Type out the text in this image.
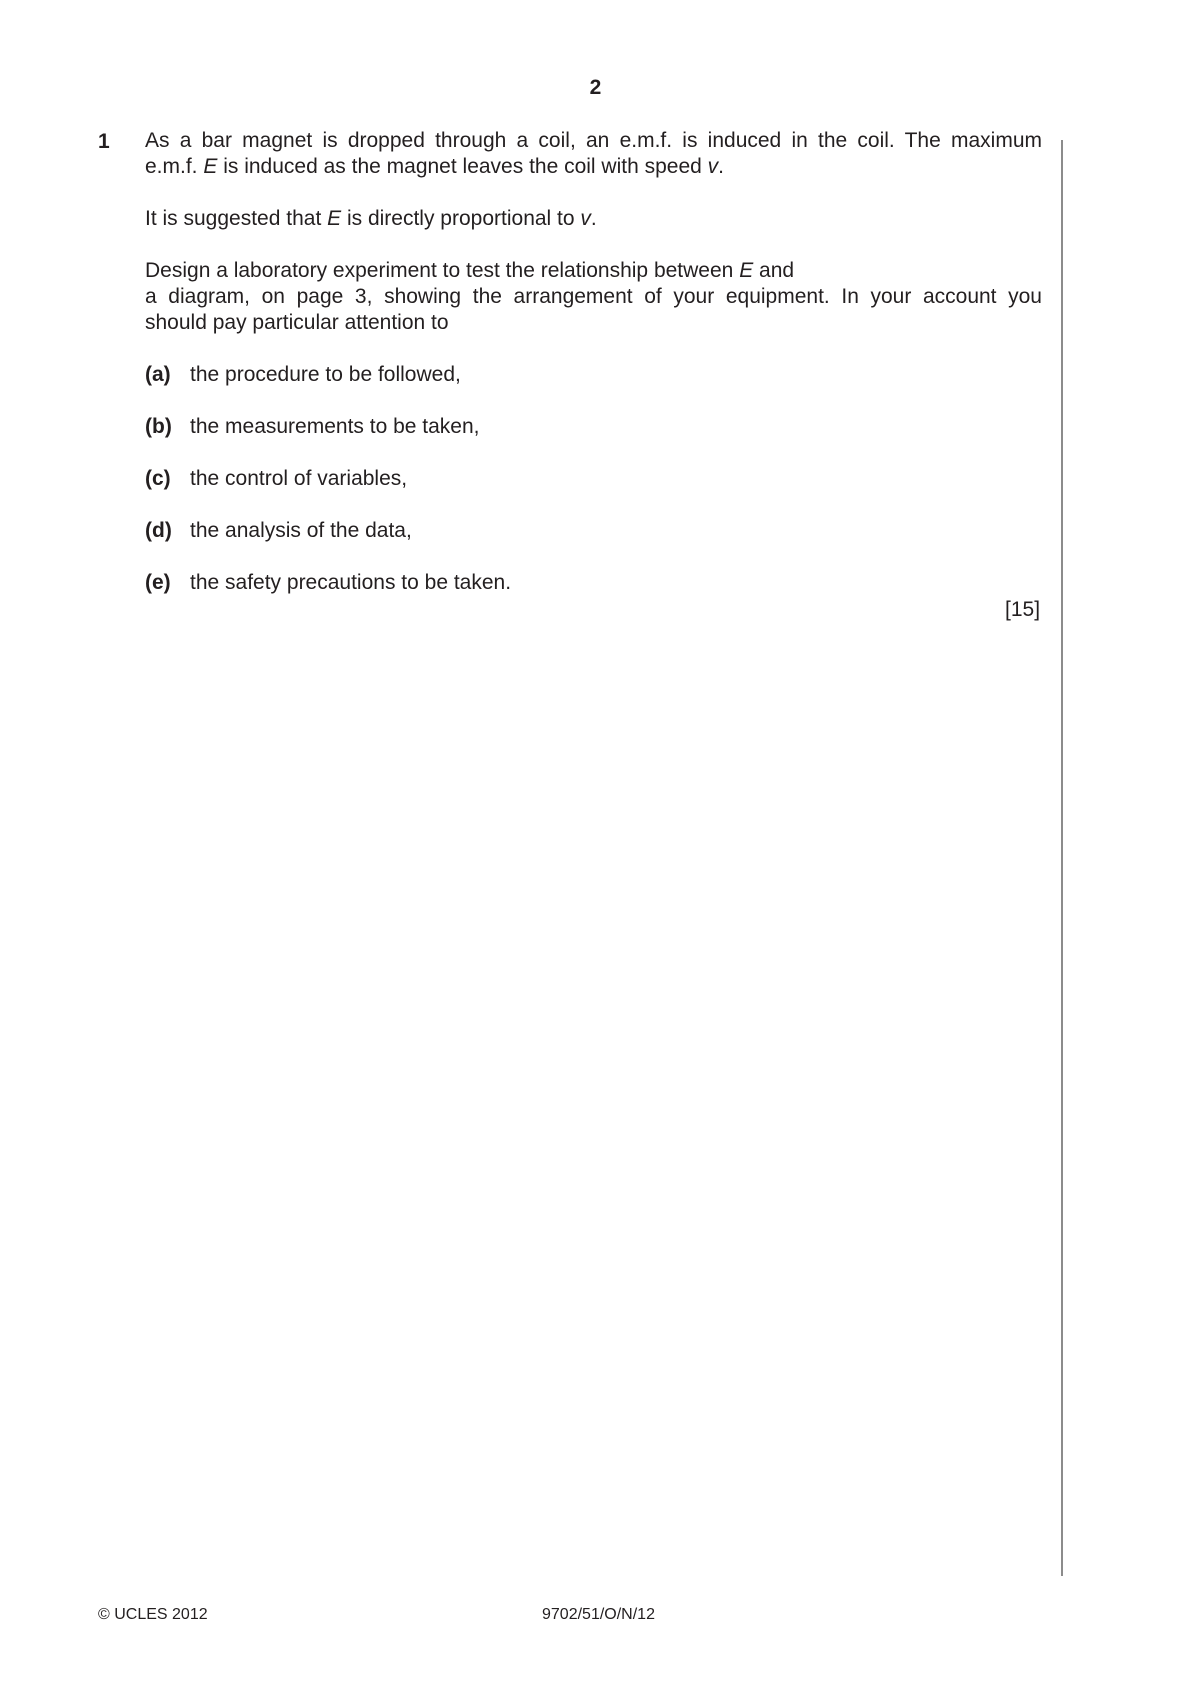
2
1 As a bar magnet is dropped through a coil, an e.m.f. is induced in the coil. The maximum
e.m.f. E is induced as the magnet leaves the coil with speed v.

It is suggested that E is directly proportional to v.

Design a laboratory experiment to test the relationship between E and
a diagram, on page 3, showing the arrangement of your equipment. In your account you
should pay particular attention to

(a) the procedure to be followed,
(b) the measurements to be taken,
(c) the control of variables,
(d) the analysis of the data,
(e) the safety precautions to be taken.
[15]
© UCLES 2012	9702/51/O/N/12
